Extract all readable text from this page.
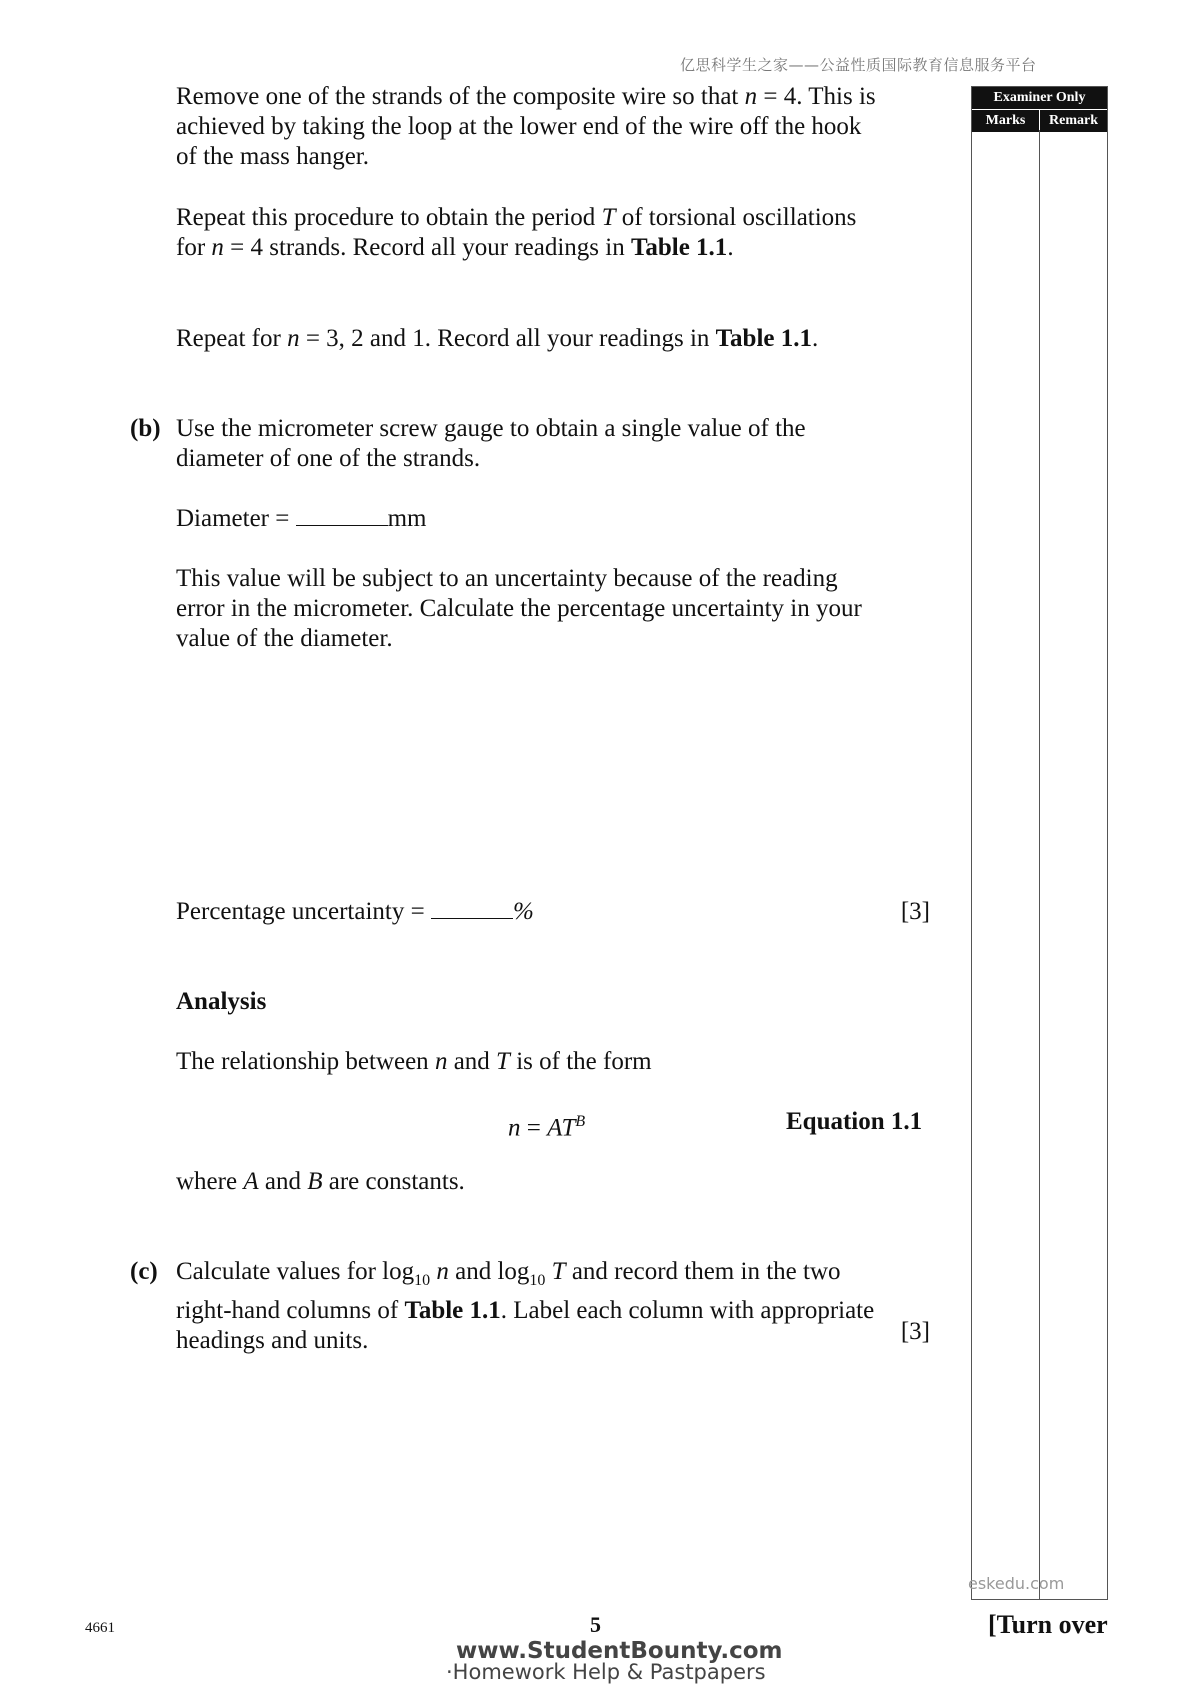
亿思科学生之家——公益性质国际教育信息服务平台
Examiner Only
Marks	Remark

Remove one of the strands of the composite wire so that n = 4. This is

achieved by taking the loop at the lower end of the wire off the hook

of the mass hanger.

Repeat this procedure to obtain the period T of torsional oscillations

for n = 4 strands. Record all your readings in Table 1.1.

Repeat for n = 3, 2 and 1. Record all your readings in Table 1.1.

(b) Use the micrometer screw gauge to obtain a single value of the

diameter of one of the strands.

Diameter =	mm

This value will be subject to an uncertainty because of the reading

error in the micrometer. Calculate the percentage uncertainty in your

value of the diameter.

Percentage uncertainty =	%	[3]
Analysis
The relationship between n and T is of the form
$n = AT^B$	Equation 1.1
where A and B are constants.
(c) Calculate values for $\log_{10} n$ and $\log_{10} T$ and record them in the two

right-hand columns of Table 1.1. Label each column with appropriate

headings and units.	[3]
eskedu.com
4661	5	[Turn over
www.StudentBounty.com
·Homework Help & Pastpapers
